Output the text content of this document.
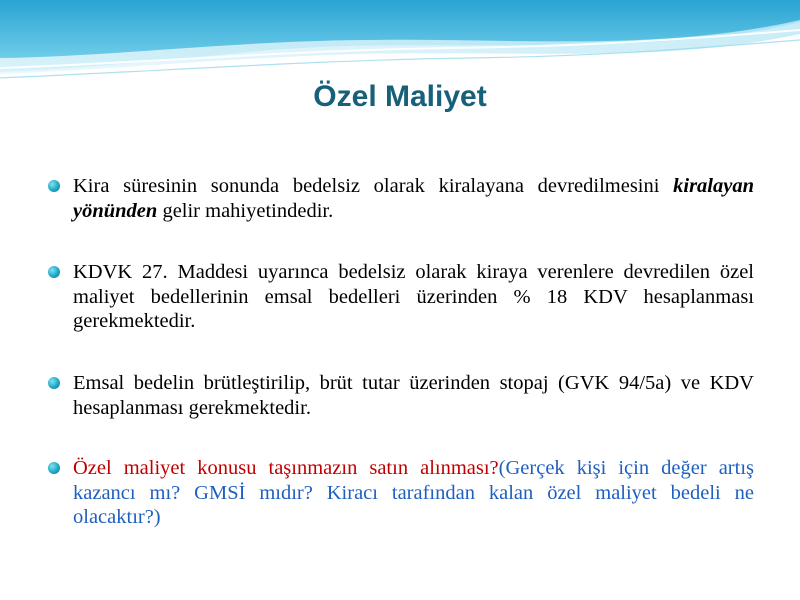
Özel Maliyet
Kira süresinin sonunda bedelsiz olarak kiralayana devredilmesini kiralayan yönünden gelir mahiyetindedir.
KDVK 27. Maddesi uyarınca bedelsiz olarak kiraya verenlere devredilen özel maliyet bedellerinin emsal bedelleri üzerinden % 18 KDV hesaplanması gerekmektedir.
Emsal bedelin brütleştirilip, brüt tutar üzerinden stopaj (GVK 94/5a) ve KDV hesaplanması gerekmektedir.
Özel maliyet konusu taşınmazın satın alınması?(Gerçek kişi için değer artış kazancı mı? GMSİ mıdır? Kiracı tarafından kalan özel maliyet bedeli ne olacaktır?)
